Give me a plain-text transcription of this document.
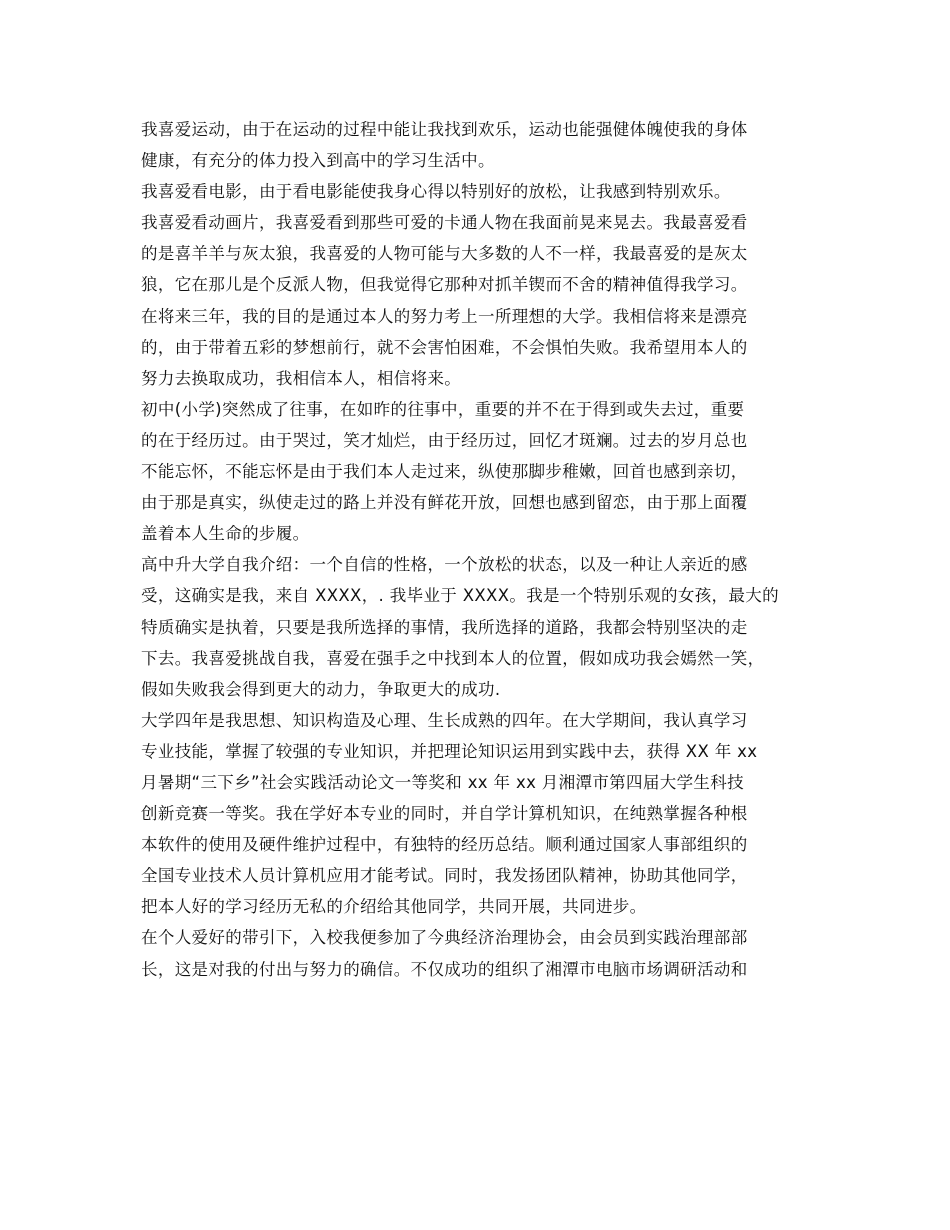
我喜爱运动，由于在运动的过程中能让我找到欢乐，运动也能强健体魄使我的身体
健康，有充分的体力投入到高中的学习生活中。
我喜爱看电影，由于看电影能使我身心得以特别好的放松，让我感到特别欢乐。
我喜爱看动画片，我喜爱看到那些可爱的卡通人物在我面前晃来晃去。我最喜爱看
的是喜羊羊与灰太狼，我喜爱的人物可能与大多数的人不一样，我最喜爱的是灰太
狼，它在那儿是个反派人物，但我觉得它那种对抓羊锲而不舍的精神值得我学习。
在将来三年，我的目的是通过本人的努力考上一所理想的大学。我相信将来是漂亮
的，由于带着五彩的梦想前行，就不会害怕困难，不会惧怕失败。我希望用本人的
努力去换取成功，我相信本人，相信将来。
初中(小学)突然成了往事，在如昨的往事中，重要的并不在于得到或失去过，重要
的在于经历过。由于哭过，笑才灿烂，由于经历过，回忆才斑斓。过去的岁月总也
不能忘怀，不能忘怀是由于我们本人走过来，纵使那脚步稚嫩，回首也感到亲切，
由于那是真实，纵使走过的路上并没有鲜花开放，回想也感到留恋，由于那上面覆
盖着本人生命的步履。
高中升大学自我介绍：一个自信的性格，一个放松的状态，以及一种让人亲近的感
受，这确实是我，来自 XXXX，. 我毕业于 XXXX。我是一个特别乐观的女孩，最大的
特质确实是执着，只要是我所选择的事情，我所选择的道路，我都会特别坚决的走
下去。我喜爱挑战自我，喜爱在强手之中找到本人的位置，假如成功我会嫣然一笑，
假如失败我会得到更大的动力，争取更大的成功.
大学四年是我思想、知识构造及心理、生长成熟的四年。在大学期间，我认真学习
专业技能，掌握了较强的专业知识，并把理论知识运用到实践中去，获得 XX 年 xx
月暑期“三下乡”社会实践活动论文一等奖和 xx 年 xx 月湘潭市第四届大学生科技
创新竞赛一等奖。我在学好本专业的同时，并自学计算机知识，在纯熟掌握各种根
本软件的使用及硬件维护过程中，有独特的经历总结。顺利通过国家人事部组织的
全国专业技术人员计算机应用才能考试。同时，我发扬团队精神，协助其他同学，
把本人好的学习经历无私的介绍给其他同学，共同开展，共同进步。
在个人爱好的带引下，入校我便参加了今典经济治理协会，由会员到实践治理部部
长，这是对我的付出与努力的确信。不仅成功的组织了湘潭市电脑市场调研活动和
